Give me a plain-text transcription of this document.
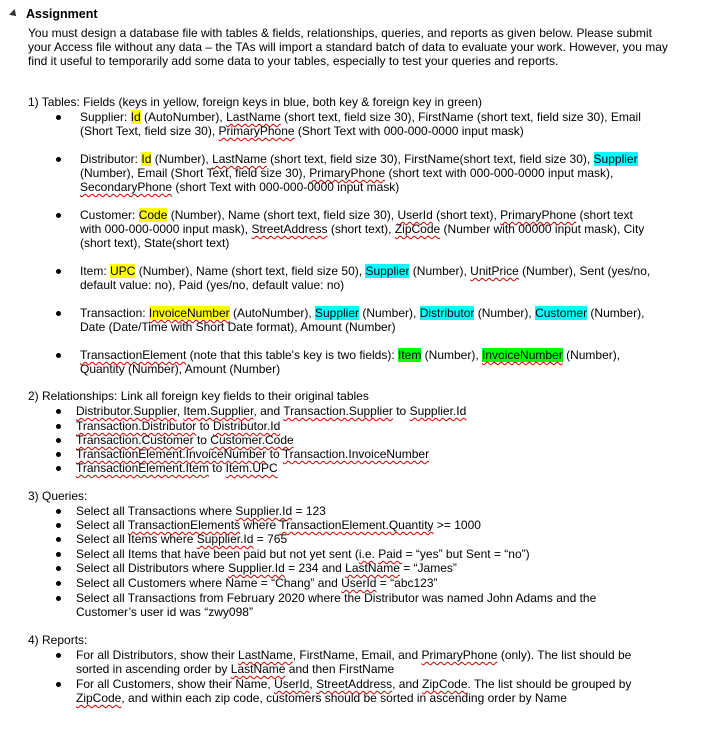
Assignment
You must design a database file with tables & fields, relationships, queries, and reports as given below. Please submit your Access file without any data – the TAs will import a standard batch of data to evaluate your work. However, you may find it useful to temporarily add some data to your tables, especially to test your queries and reports.
1) Tables: Fields (keys in yellow, foreign keys in blue, both key & foreign key in green)
Supplier: Id (AutoNumber), LastName (short text, field size 30), FirstName (short text, field size 30), Email
(Short Text, field size 30), PrimaryPhone (Short Text with 000-000-0000 input mask)
Distributor: Id (Number), LastName (short text, field size 30), FirstName(short text, field size 30), Supplier
(Number), Email (Short Text, field size 30), PrimaryPhone (short text with 000-000-0000 input mask),
SecondaryPhone (short Text with 000-000-0000 input mask)
Customer: Code (Number), Name (short text, field size 30), UserId (short text), PrimaryPhone (short text
with 000-000-0000 input mask), StreetAddress (short text), ZipCode (Number with 00000 input mask), City
(short text), State(short text)
Item: UPC (Number), Name (short text, field size 50), Supplier (Number), UnitPrice (Number), Sent (yes/no,
default value: no), Paid (yes/no, default value: no)
Transaction: InvoiceNumber (AutoNumber), Supplier (Number), Distributor (Number), Customer (Number),
Date (Date/Time with Short Date format), Amount (Number)
TransactionElement (note that this table's key is two fields): Item (Number), InvoiceNumber (Number),
Quantity (Number), Amount (Number)
2) Relationships: Link all foreign key fields to their original tables
Distributor.Supplier, Item.Supplier, and Transaction.Supplier to Supplier.Id
Transaction.Distributor to Distributor.Id
Transaction.Customer to Customer.Code
TransactionElement.InvoiceNumber to Transaction.InvoiceNumber
TransactionElement.Item to Item.UPC
3) Queries:
Select all Transactions where Supplier.Id = 123
Select all TransactionElements where TransactionElement.Quantity >= 1000
Select all Items where Supplier.Id = 765
Select all Items that have been paid but not yet sent (i.e. Paid = “yes” but Sent = “no”)
Select all Distributors where Supplier.Id = 234 and LastName = “James”
Select all Customers where Name = “Chang” and UserId = “abc123”
Select all Transactions from February 2020 where the Distributor was named John Adams and the
Customer’s user id was “zwy098”
4) Reports:
For all Distributors, show their LastName, FirstName, Email, and PrimaryPhone (only). The list should be
sorted in ascending order by LastName and then FirstName
For all Customers, show their Name, UserId, StreetAddress, and ZipCode. The list should be grouped by
ZipCode, and within each zip code, customers should be sorted in ascending order by Name
